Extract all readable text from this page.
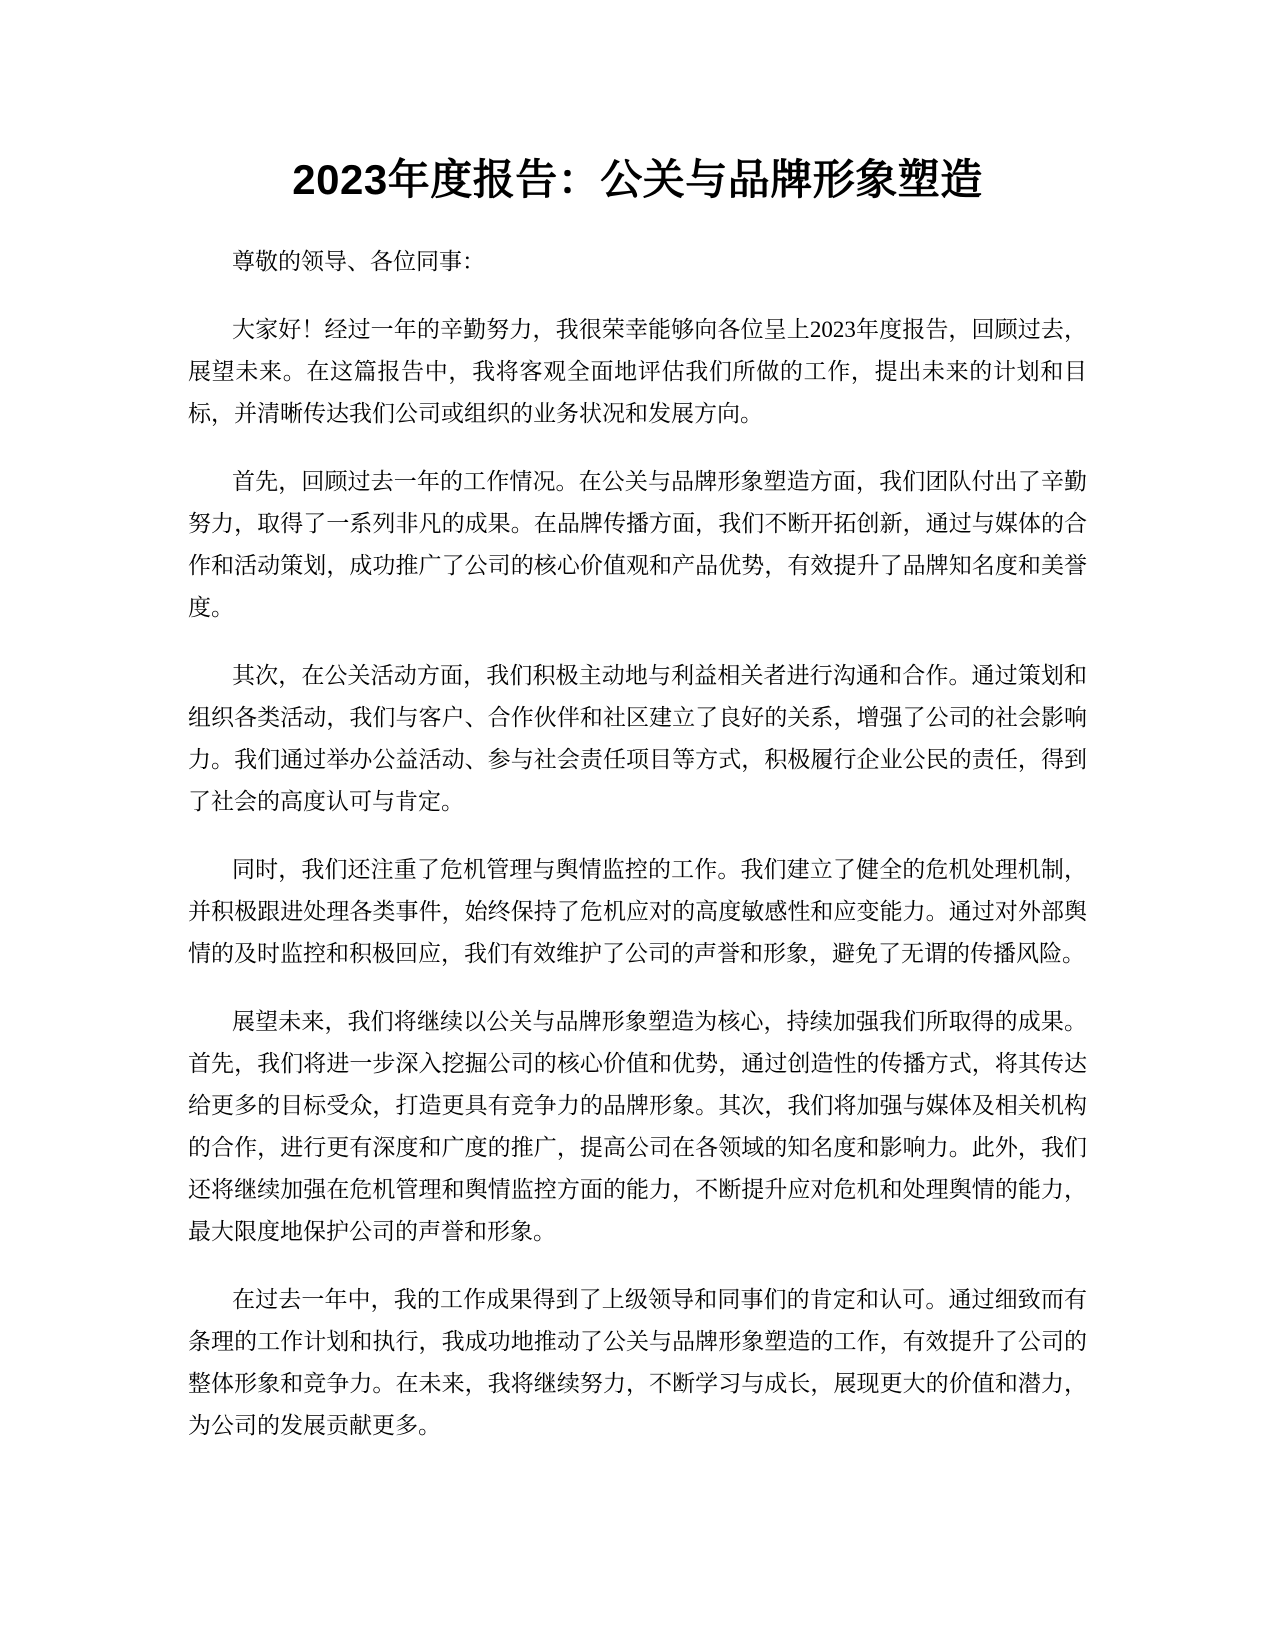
2023年度报告：公关与品牌形象塑造

尊敬的领导、各位同事：

大家好！经过一年的辛勤努力，我很荣幸能够向各位呈上2023年度报告，回顾过去，展望未来。在这篇报告中，我将客观全面地评估我们所做的工作，提出未来的计划和目标，并清晰传达我们公司或组织的业务状况和发展方向。

首先，回顾过去一年的工作情况。在公关与品牌形象塑造方面，我们团队付出了辛勤努力，取得了一系列非凡的成果。在品牌传播方面，我们不断开拓创新，通过与媒体的合作和活动策划，成功推广了公司的核心价值观和产品优势，有效提升了品牌知名度和美誉度。

其次，在公关活动方面，我们积极主动地与利益相关者进行沟通和合作。通过策划和组织各类活动，我们与客户、合作伙伴和社区建立了良好的关系，增强了公司的社会影响力。我们通过举办公益活动、参与社会责任项目等方式，积极履行企业公民的责任，得到了社会的高度认可与肯定。

同时，我们还注重了危机管理与舆情监控的工作。我们建立了健全的危机处理机制，并积极跟进处理各类事件，始终保持了危机应对的高度敏感性和应变能力。通过对外部舆情的及时监控和积极回应，我们有效维护了公司的声誉和形象，避免了无谓的传播风险。

展望未来，我们将继续以公关与品牌形象塑造为核心，持续加强我们所取得的成果。首先，我们将进一步深入挖掘公司的核心价值和优势，通过创造性的传播方式，将其传达给更多的目标受众，打造更具有竞争力的品牌形象。其次，我们将加强与媒体及相关机构的合作，进行更有深度和广度的推广，提高公司在各领域的知名度和影响力。此外，我们还将继续加强在危机管理和舆情监控方面的能力，不断提升应对危机和处理舆情的能力，最大限度地保护公司的声誉和形象。

在过去一年中，我的工作成果得到了上级领导和同事们的肯定和认可。通过细致而有条理的工作计划和执行，我成功地推动了公关与品牌形象塑造的工作，有效提升了公司的整体形象和竞争力。在未来，我将继续努力，不断学习与成长，展现更大的价值和潜力，为公司的发展贡献更多。
